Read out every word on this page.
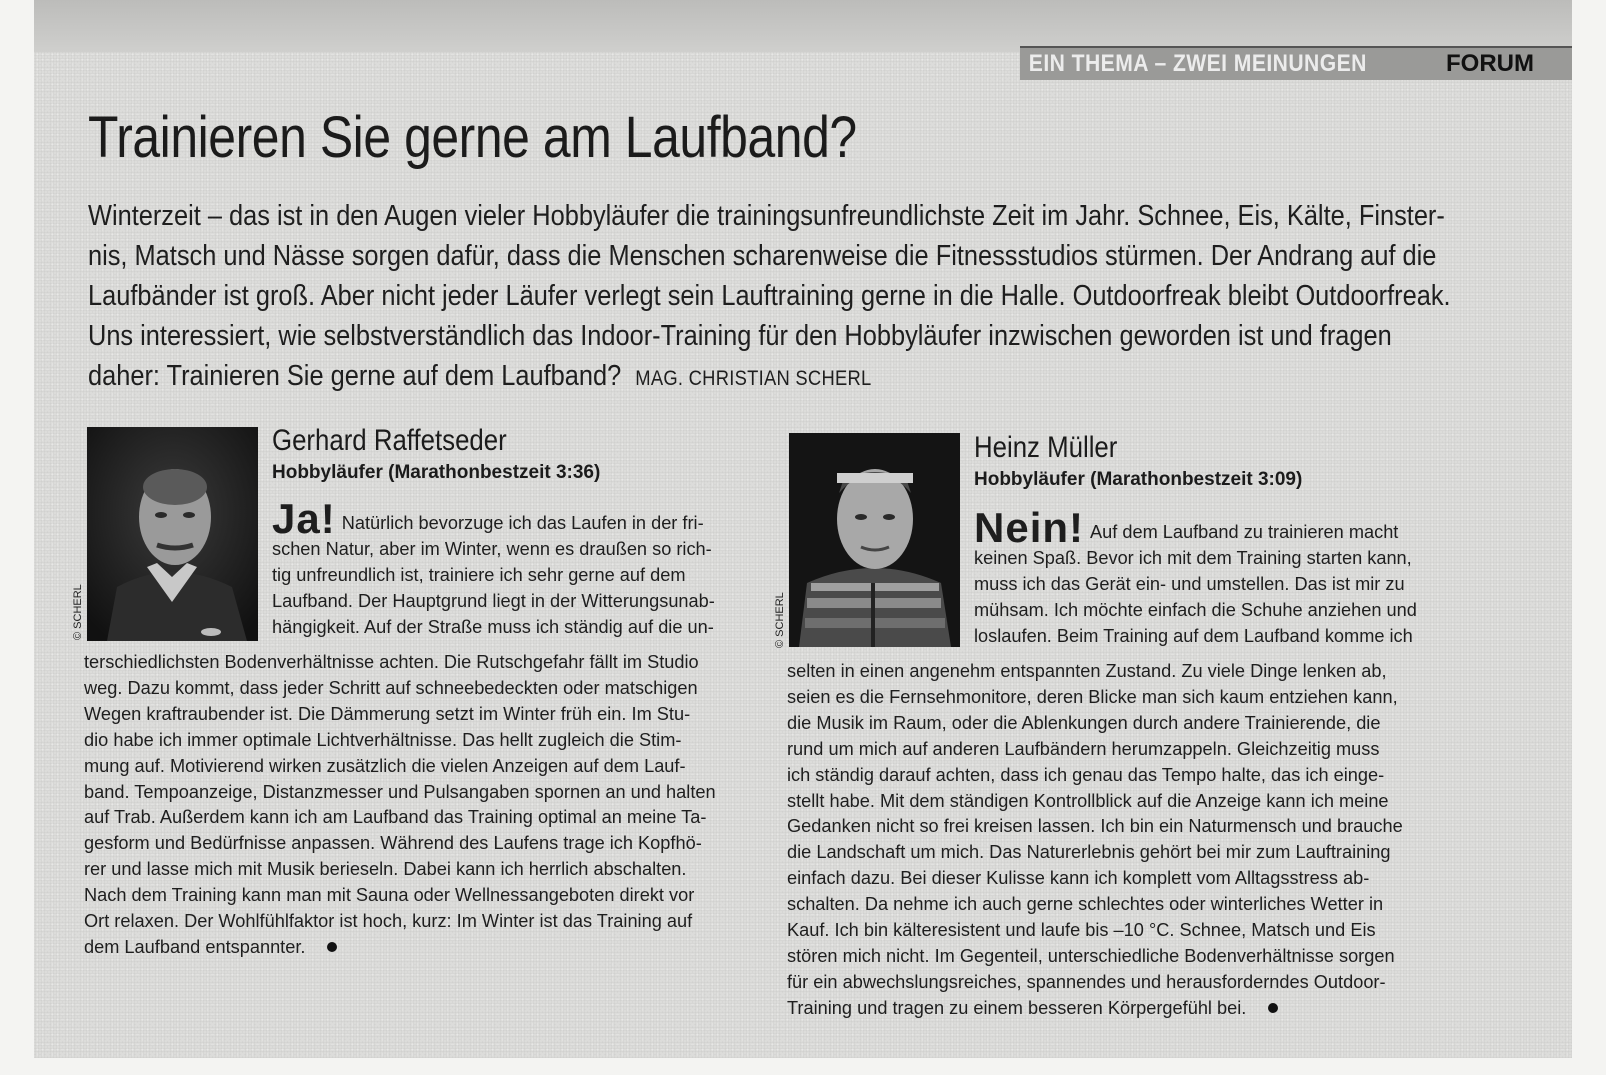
EIN THEMA – ZWEI MEINUNGEN	FORUM
Trainieren Sie gerne am Laufband?

Winterzeit – das ist in den Augen vieler Hobbyläufer die trainingsunfreundlichste Zeit im Jahr. Schnee, Eis, Kälte, Finster-

nis, Matsch und Nässe sorgen dafür, dass die Menschen scharenweise die Fitnessstudios stürmen. Der Andrang auf die

Laufbänder ist groß. Aber nicht jeder Läufer verlegt sein Lauftraining gerne in die Halle. Outdoorfreak bleibt Outdoorfreak.

Uns interessiert, wie selbstverständlich das Indoor-Training für den Hobbyläufer inzwischen geworden ist und fragen

daher: Trainieren Sie gerne auf dem Laufband? MAG. CHRISTIAN SCHERL

© SCHERL
Gerhard Raffetseder
Hobbyläufer (Marathonbestzeit 3:36)
Ja! Natürlich bevorzuge ich das Laufen in der fri-
schen Natur, aber im Winter, wenn es draußen so rich-
tig unfreundlich ist, trainiere ich sehr gerne auf dem
Laufband. Der Hauptgrund liegt in der Witterungsunab-
hängigkeit. Auf der Straße muss ich ständig auf die un-
terschiedlichsten Bodenverhältnisse achten. Die Rutschgefahr fällt im Studio
weg. Dazu kommt, dass jeder Schritt auf schneebedeckten oder matschigen
Wegen kraftraubender ist. Die Dämmerung setzt im Winter früh ein. Im Stu-
dio habe ich immer optimale Lichtverhältnisse. Das hellt zugleich die Stim-
mung auf. Motivierend wirken zusätzlich die vielen Anzeigen auf dem Lauf-
band. Tempoanzeige, Distanzmesser und Pulsangaben spornen an und halten
auf Trab. Außerdem kann ich am Laufband das Training optimal an meine Ta-
gesform und Bedürfnisse anpassen. Während des Laufens trage ich Kopfhö-
rer und lasse mich mit Musik berieseln. Dabei kann ich herrlich abschalten.
Nach dem Training kann man mit Sauna oder Wellnessangeboten direkt vor
Ort relaxen. Der Wohlfühlfaktor ist hoch, kurz: Im Winter ist das Training auf
dem Laufband entspannter.
© SCHERL
Heinz Müller
Hobbyläufer (Marathonbestzeit 3:09)
Nein! Auf dem Laufband zu trainieren macht
keinen Spaß. Bevor ich mit dem Training starten kann,
muss ich das Gerät ein- und umstellen. Das ist mir zu
mühsam. Ich möchte einfach die Schuhe anziehen und
loslaufen. Beim Training auf dem Laufband komme ich
selten in einen angenehm entspannten Zustand. Zu viele Dinge lenken ab,
seien es die Fernsehmonitore, deren Blicke man sich kaum entziehen kann,
die Musik im Raum, oder die Ablenkungen durch andere Trainierende, die
rund um mich auf anderen Laufbändern herumzappeln. Gleichzeitig muss
ich ständig darauf achten, dass ich genau das Tempo halte, das ich einge-
stellt habe. Mit dem ständigen Kontrollblick auf die Anzeige kann ich meine
Gedanken nicht so frei kreisen lassen. Ich bin ein Naturmensch und brauche
die Landschaft um mich. Das Naturerlebnis gehört bei mir zum Lauftraining
einfach dazu. Bei dieser Kulisse kann ich komplett vom Alltagsstress ab-
schalten. Da nehme ich auch gerne schlechtes oder winterliches Wetter in
Kauf. Ich bin kälteresistent und laufe bis –10 °C. Schnee, Matsch und Eis
stören mich nicht. Im Gegenteil, unterschiedliche Bodenverhältnisse sorgen
für ein abwechslungsreiches, spannendes und herausforderndes Outdoor-
Training und tragen zu einem besseren Körpergefühl bei.
